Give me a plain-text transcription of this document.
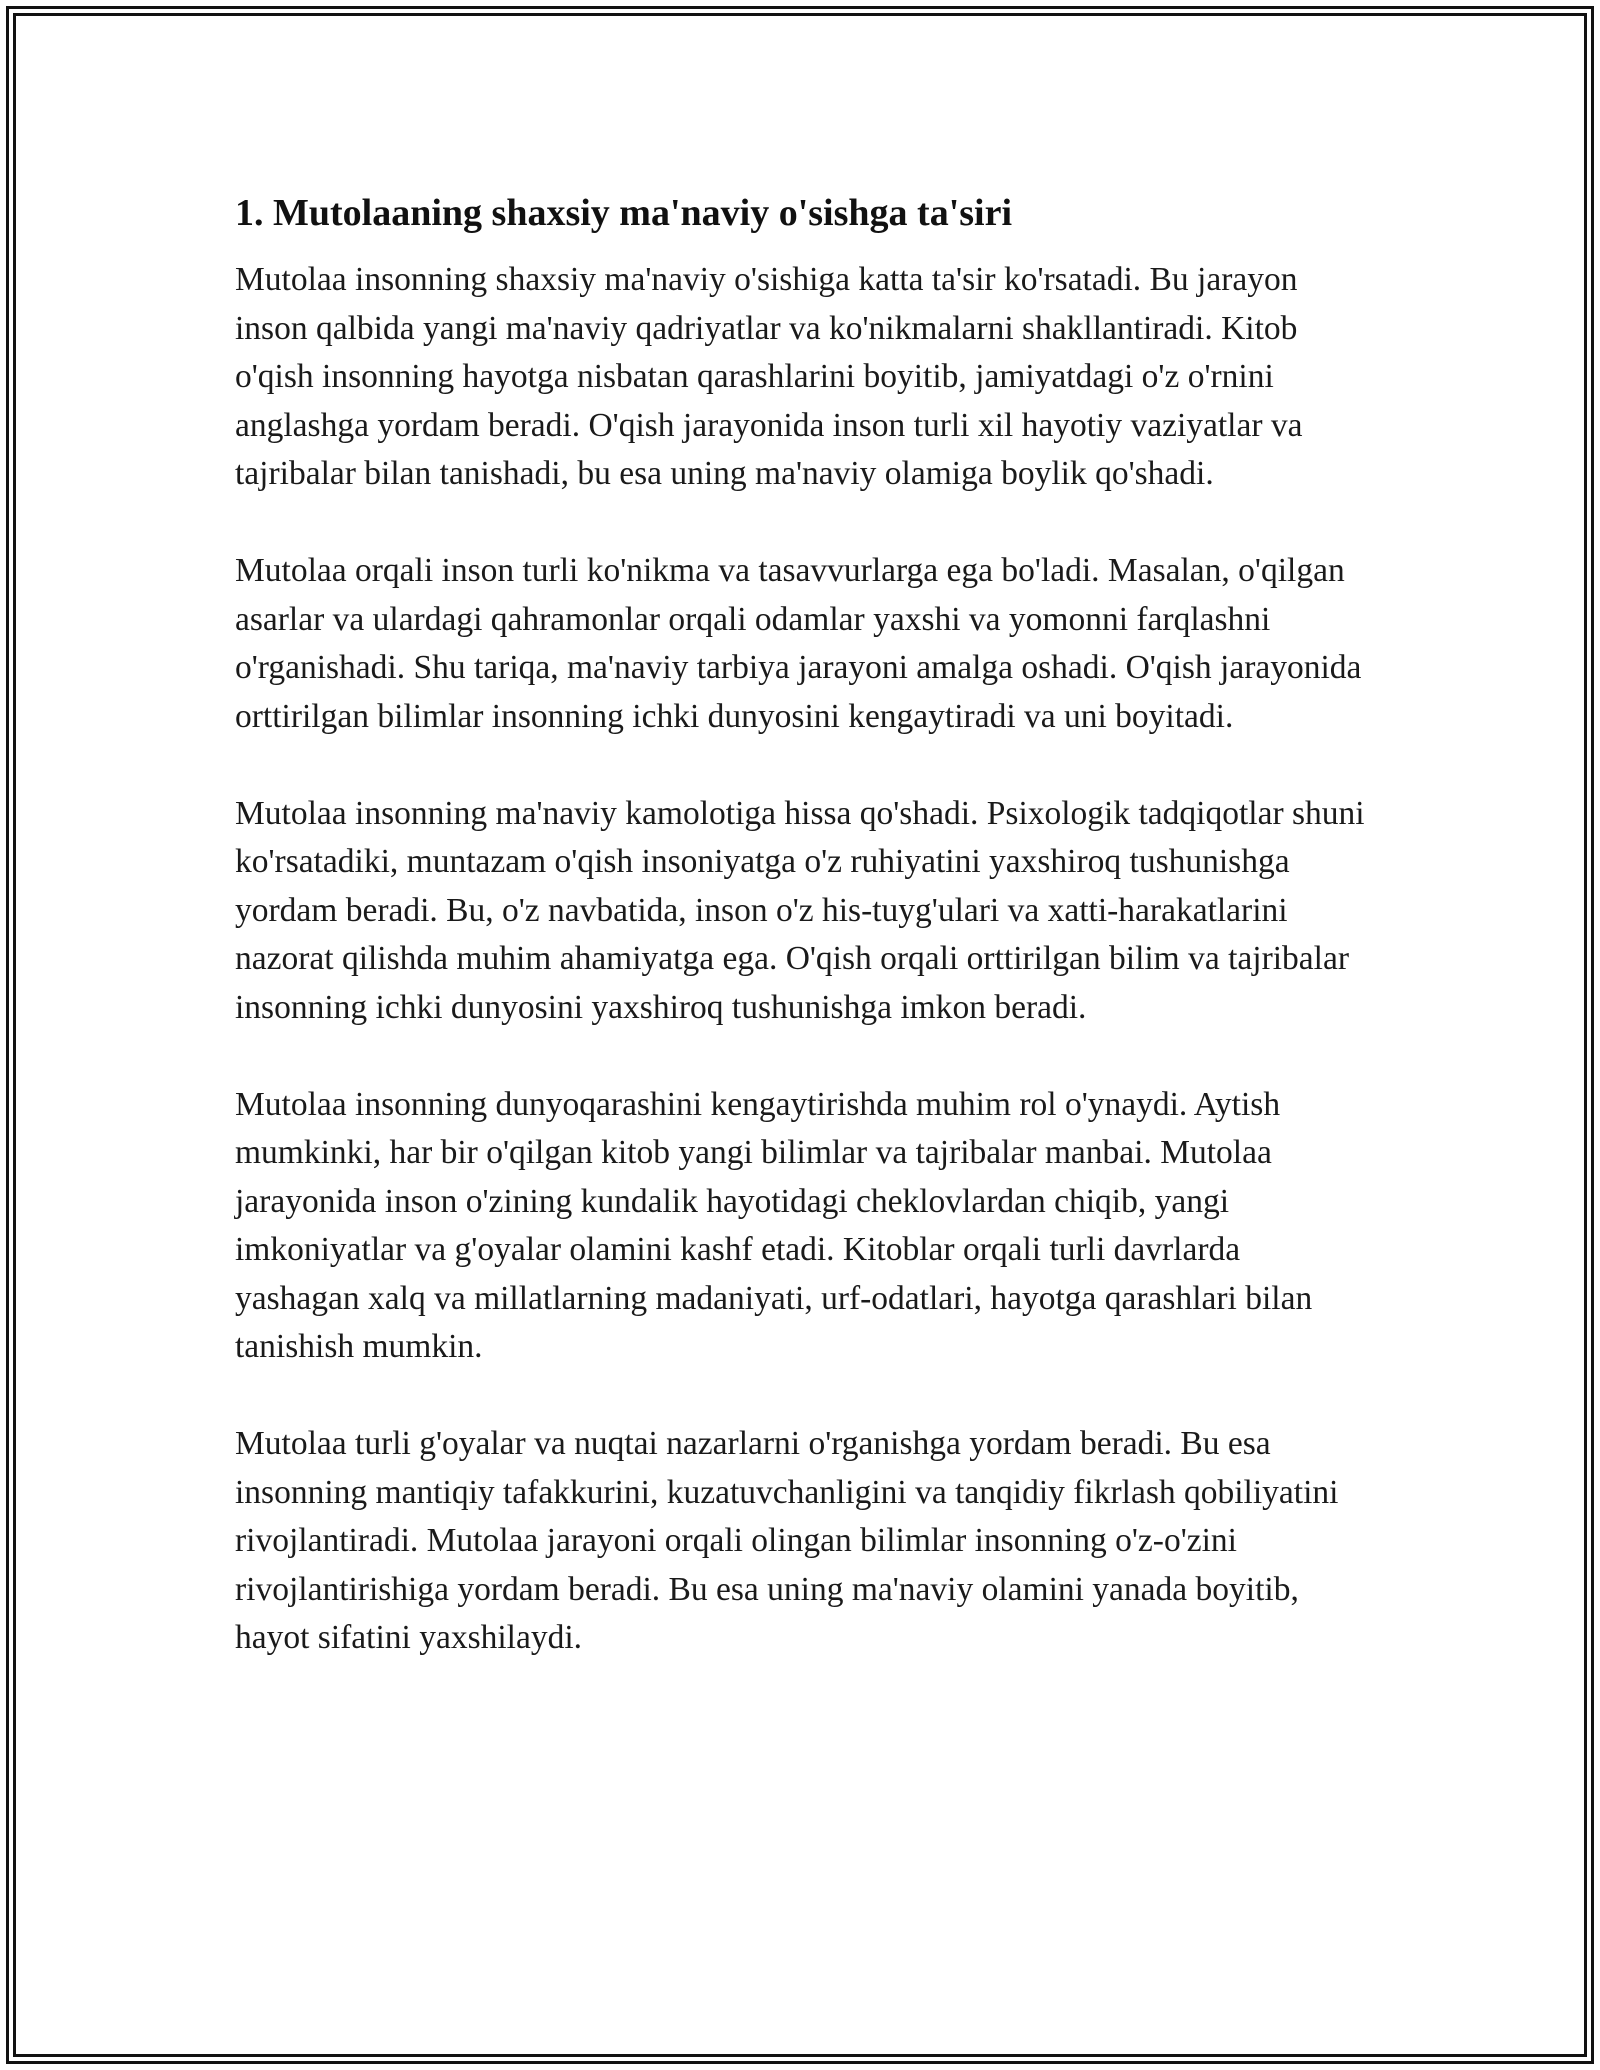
1. Mutolaaning shaxsiy ma'naviy o'sishga ta'siri

Mutolaa insonning shaxsiy ma'naviy o'sishiga katta ta'sir ko'rsatadi. Bu jarayon inson qalbida yangi ma'naviy qadriyatlar va ko'nikmalarni shakllantiradi. Kitob o'qish insonning hayotga nisbatan qarashlarini boyitib, jamiyatdagi o'z o'rnini anglashga yordam beradi. O'qish jarayonida inson turli xil hayotiy vaziyatlar va tajribalar bilan tanishadi, bu esa uning ma'naviy olamiga boylik qo'shadi.

Mutolaa orqali inson turli ko'nikma va tasavvurlarga ega bo'ladi. Masalan, o'qilgan asarlar va ulardagi qahramonlar orqali odamlar yaxshi va yomonni farqlashni o'rganishadi. Shu tariqa, ma'naviy tarbiya jarayoni amalga oshadi. O'qish jarayonida orttirilgan bilimlar insonning ichki dunyosini kengaytiradi va uni boyitadi.

Mutolaa insonning ma'naviy kamolotiga hissa qo'shadi. Psixologik tadqiqotlar shuni ko'rsatadiki, muntazam o'qish insoniyatga o'z ruhiyatini yaxshiroq tushunishga yordam beradi. Bu, o'z navbatida, inson o'z his-tuyg'ulari va xatti-harakatlarini nazorat qilishda muhim ahamiyatga ega. O'qish orqali orttirilgan bilim va tajribalar insonning ichki dunyosini yaxshiroq tushunishga imkon beradi.

Mutolaa insonning dunyoqarashini kengaytirishda muhim rol o'ynaydi. Aytish mumkinki, har bir o'qilgan kitob yangi bilimlar va tajribalar manbai. Mutolaa jarayonida inson o'zining kundalik hayotidagi cheklovlardan chiqib, yangi imkoniyatlar va g'oyalar olamini kashf etadi. Kitoblar orqali turli davrlarda yashagan xalq va millatlarning madaniyati, urf-odatlari, hayotga qarashlari bilan tanishish mumkin.

Mutolaa turli g'oyalar va nuqtai nazarlarni o'rganishga yordam beradi. Bu esa insonning mantiqiy tafakkurini, kuzatuvchanligini va tanqidiy fikrlash qobiliyatini rivojlantiradi. Mutolaa jarayoni orqali olingan bilimlar insonning o'z-o'zini rivojlantirishiga yordam beradi. Bu esa uning ma'naviy olamini yanada boyitib, hayot sifatini yaxshilaydi.
